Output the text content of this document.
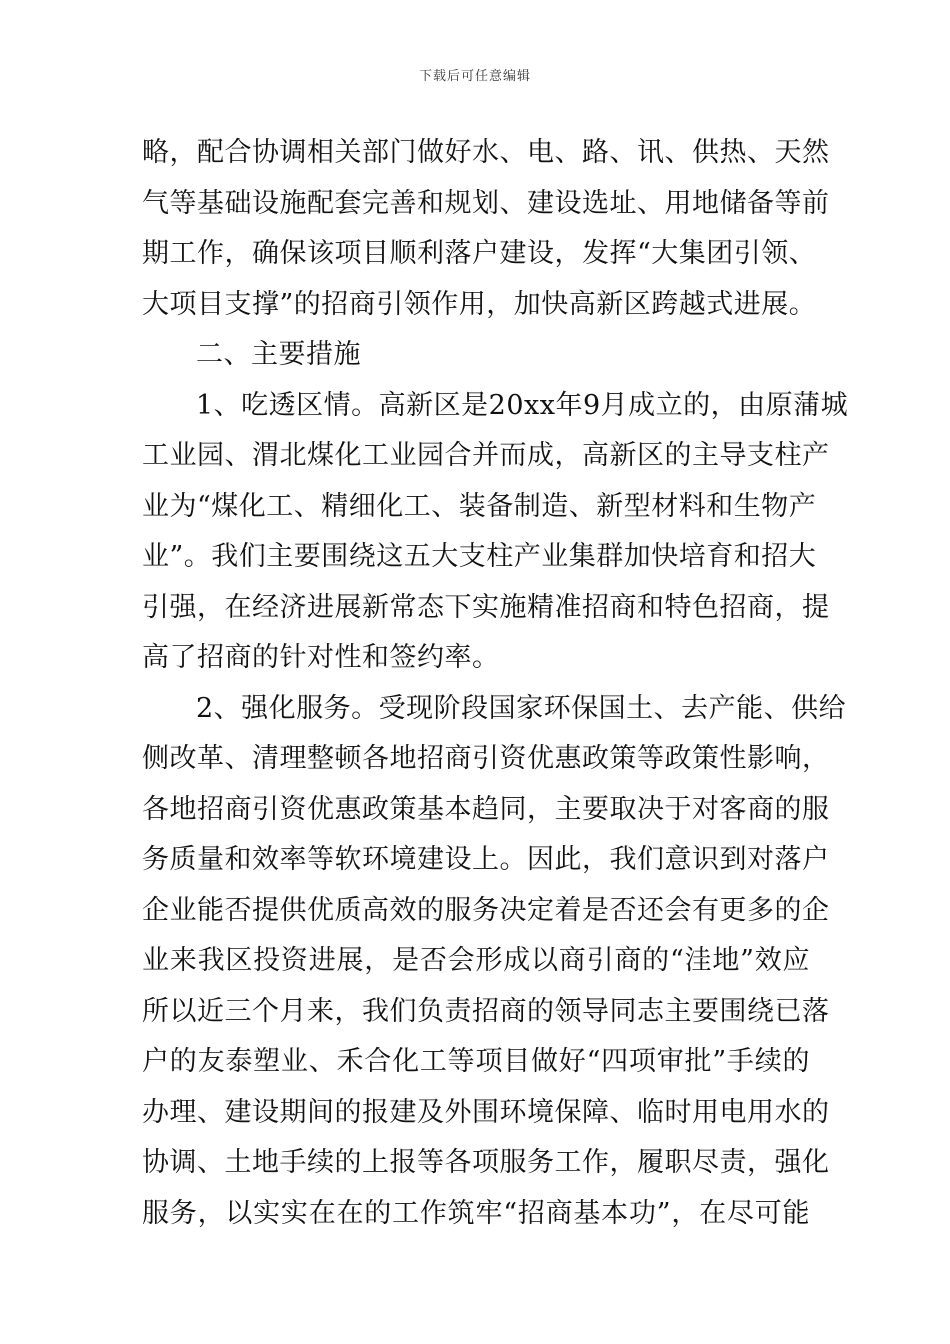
下载后可任意编辑
略，配合协调相关部门做好水、电、路、讯、供热、天然
气等基础设施配套完善和规划、建设选址、用地储备等前
期工作，确保该项目顺利落户建设，发挥“大集团引领、
大项目支撑”的招商引领作用，加快高新区跨越式进展。
二、主要措施
1、吃透区情。高新区是20xx年9月成立的，由原蒲城
工业园、渭北煤化工业园合并而成，高新区的主导支柱产
业为“煤化工、精细化工、装备制造、新型材料和生物产
业”。我们主要围绕这五大支柱产业集群加快培育和招大
引强，在经济进展新常态下实施精准招商和特色招商，提
高了招商的针对性和签约率。
2、强化服务。受现阶段国家环保国土、去产能、供给
侧改革、清理整顿各地招商引资优惠政策等政策性影响，
各地招商引资优惠政策基本趋同，主要取决于对客商的服
务质量和效率等软环境建设上。因此，我们意识到对落户
企业能否提供优质高效的服务决定着是否还会有更多的企
业来我区投资进展，是否会形成以商引商的“洼地”效应
所以近三个月来，我们负责招商的领导同志主要围绕已落
户的友泰塑业、禾合化工等项目做好“四项审批”手续的
办理、建设期间的报建及外围环境保障、临时用电用水的
协调、土地手续的上报等各项服务工作，履职尽责，强化
服务，以实实在在的工作筑牢“招商基本功”，在尽可能
